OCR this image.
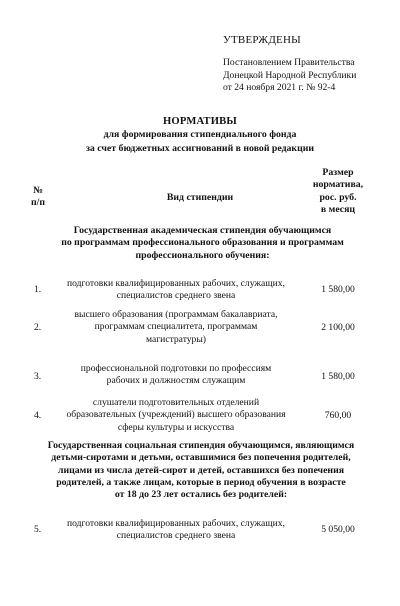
УТВЕРЖДЕНЫ
Постановлением Правительства
Донецкой Народной Республики
от 24 ноября 2021 г. № 92-4
НОРМАТИВЫ
для формирования стипендиального фонда
за счет бюджетных ассигнований в новой редакции
№
п/п	Вид стипендии
Размер
норматива,
рос. руб.
в месяц
Государственная академическая стипендия обучающимся
по программам профессионального образования и программам
профессионального обучения:
1.
подготовки квалифицированных рабочих, служащих,
специалистов среднего звена
1 580,00
2.
высшего образования (программам бакалавриата,
программам специалитета, программам
магистратуры)
2 100,00
3.
профессиональной подготовки по профессиям
рабочих и должностям служащим	1 580,00
4.
слушатели подготовительных отделений
образовательных (учреждений) высшего образования
сферы культуры и искусства
760,00
Государственная социальная стипендия обучающимся, являющимся
детьми-сиротами и детьми, оставшимися без попечения родителей,
лицами из числа детей-сирот и детей, оставшихся без попечения
родителей, а также лицам, которые в период обучения в возрасте
от 18 до 23 лет остались без родителей:
5.
подготовки квалифицированных рабочих, служащих,
специалистов среднего звена
5 050,00
